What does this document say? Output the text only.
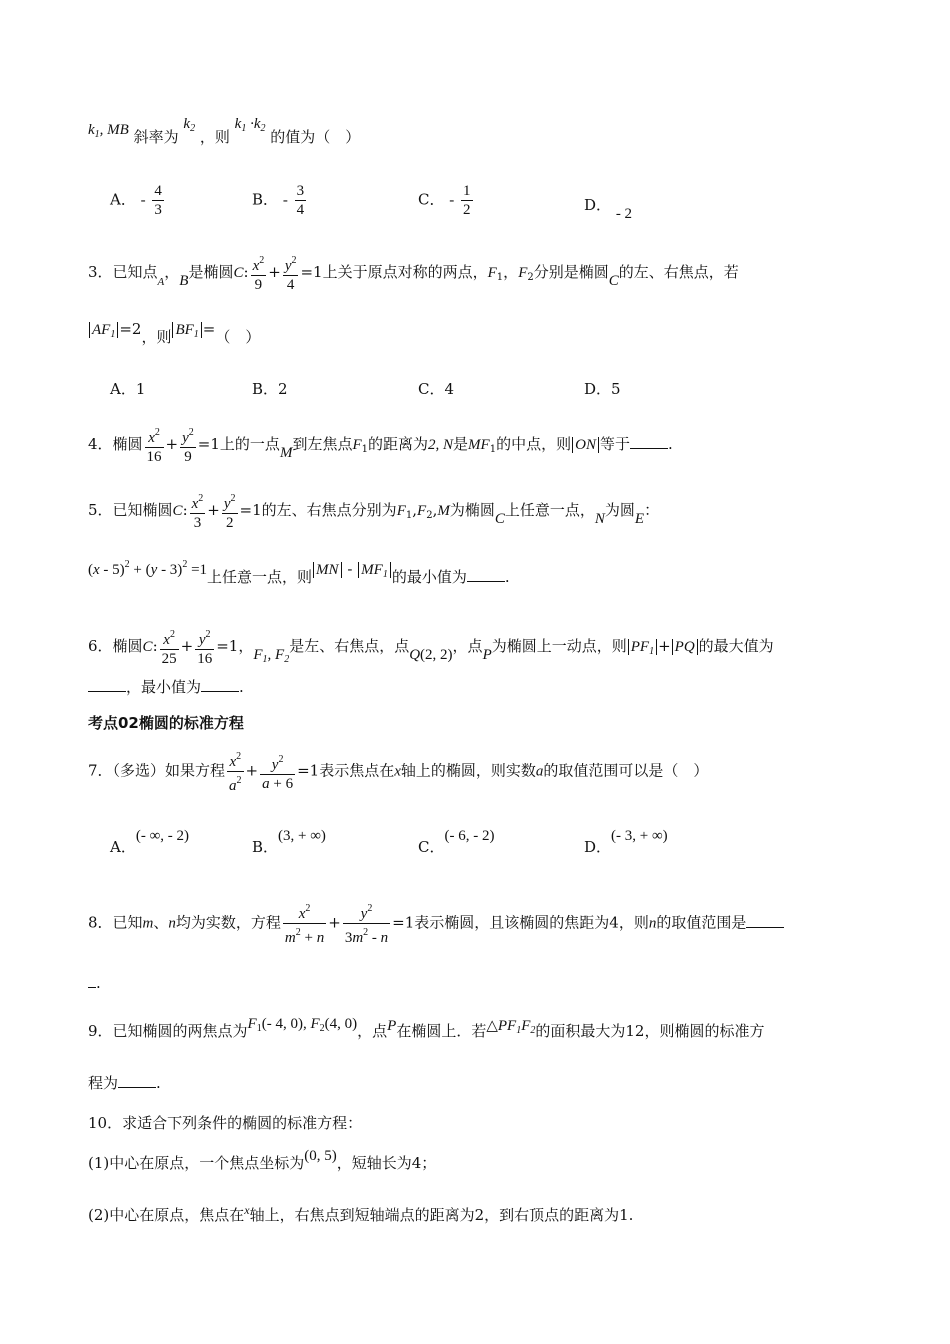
$k_1$, MB 斜率为 $k_2$ ，则 $k_1 \cdot k_2$ 的值为（　）
A． - $\frac{4}{3}$	B． - $\frac{3}{4}$	C． - $\frac{1}{2}$	D． - 2
3．已知点$_A$，B是椭圆C: $\frac{x^2}{9} + \frac{y^2}{4} =1$上关于原点对称的两点，$F_1$，$F_2$分别是椭圆C的左、右焦点，若
$AF_1 =2$，则 $BF_1$ =（　）
A．1	B．2	C．4	D．5
4．椭圆 $\frac{x^2}{16} + \frac{y^2}{9} =1$上的一点M到左焦点$F_1$的距离为2, N是$MF_1$的中点，则 ON 等于	.
5．已知椭圆C: $\frac{x^2}{3} + \frac{y^2}{2} =1$的左、右焦点分别为$F_1,F_2,M$为椭圆C上任意一点，N为圆E：
(x - 5)$^2$ + (y - 3)$^2$ =1上任意一点，则 MN - $MF_1$ 的最小值为	.
6．椭圆C: $\frac{x^2}{25} + \frac{y^2}{16} =1$，$F_1$, $F_2$是左、右焦点，点Q(2, 2)，点P为椭圆上一动点，则 $PF_1$ + PQ 的最大值为
，最小值为	.
考点02椭圆的标准方程
7．（多选）如果方程 $\frac{x^2}{a^2} + \frac{y^2}{a + 6} =1$表示焦点在x轴上的椭圆，则实数a的取值范围可以是（　）
A．(- ∞, - 2)
B．(3, + ∞)
C．(- 6, - 2)
D．(- 3, + ∞)
8．已知m、n均为实数，方程 $\frac{x^2}{m^2 + n} + \frac{y^2}{3m^2 - n} =1$表示椭圆，且该椭圆的焦距为4，则n的取值范围是
.
9．已知椭圆的两焦点为$F_1(-$ 4, 0), $F_2(4$, 0)，点P在椭圆上．若$\triangle PF_1F_2$的面积最大为12，则椭圆的标准方
程为	.
10．求适合下列条件的椭圆的标准方程：
(1)中心在原点，一个焦点坐标为(0, 5)，短轴长为4；
(2)中心在原点，焦点在$^x$轴上，右焦点到短轴端点的距离为2，到右顶点的距离为1.
